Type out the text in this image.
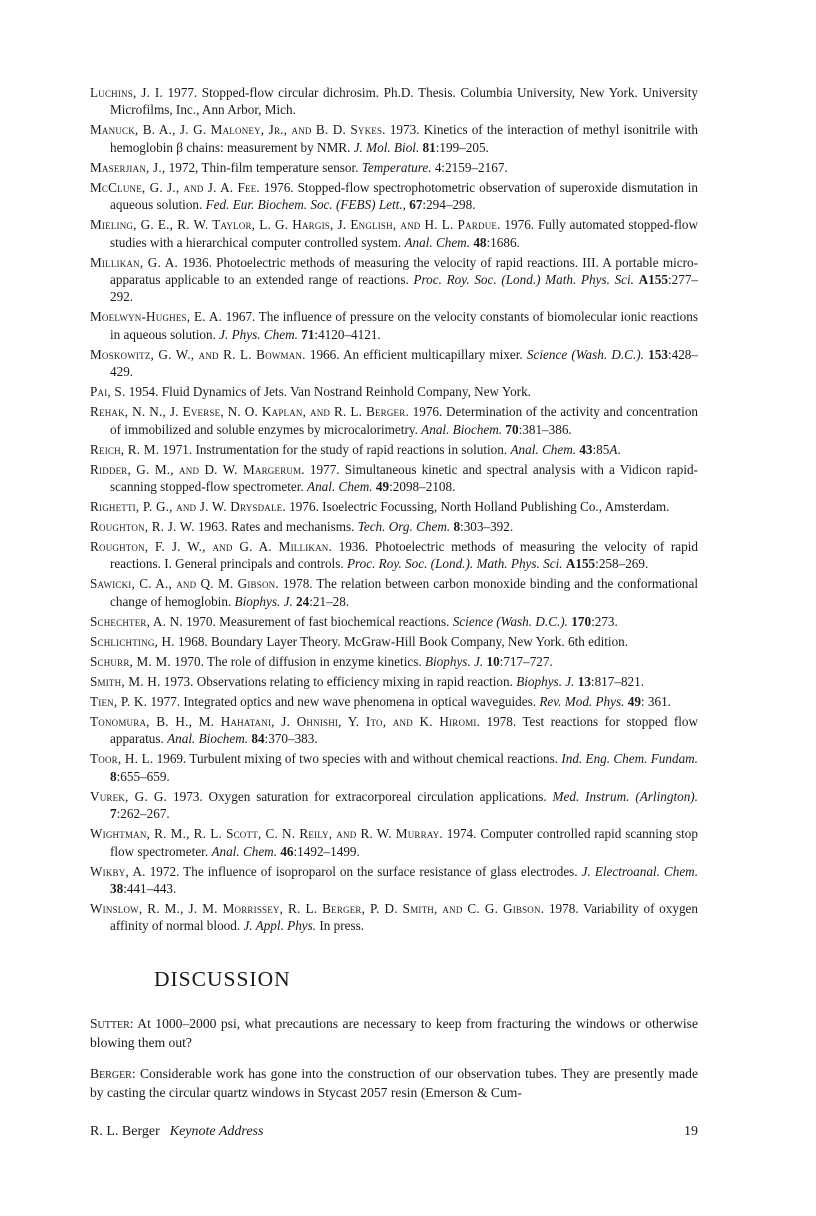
Luchins, J. I. 1977. Stopped-flow circular dichrosim. Ph.D. Thesis. Columbia University, New York. University Microfilms, Inc., Ann Arbor, Mich.

Manuck, B. A., J. G. Maloney, Jr., and B. D. Sykes. 1973. Kinetics of the interaction of methyl isonitrile with hemoglobin β chains: measurement by NMR. J. Mol. Biol. 81:199–205.

Maserjian, J., 1972, Thin-film temperature sensor. Temperature. 4:2159–2167.

McClune, G. J., and J. A. Fee. 1976. Stopped-flow spectrophotometric observation of superoxide dismutation in aqueous solution. Fed. Eur. Biochem. Soc. (FEBS) Lett., 67:294–298.

Mieling, G. E., R. W. Taylor, L. G. Hargis, J. English, and H. L. Pardue. 1976. Fully automated stopped-flow studies with a hierarchical computer controlled system. Anal. Chem. 48:1686.

Millikan, G. A. 1936. Photoelectric methods of measuring the velocity of rapid reactions. III. A portable micro-apparatus applicable to an extended range of reactions. Proc. Roy. Soc. (Lond.) Math. Phys. Sci. A155:277–292.

Moelwyn-Hughes, E. A. 1967. The influence of pressure on the velocity constants of biomolecular ionic reactions in aqueous solution. J. Phys. Chem. 71:4120–4121.

Moskowitz, G. W., and R. L. Bowman. 1966. An efficient multicapillary mixer. Science (Wash. D.C.). 153:428–429.

Pai, S. 1954. Fluid Dynamics of Jets. Van Nostrand Reinhold Company, New York.

Rehak, N. N., J. Everse, N. O. Kaplan, and R. L. Berger. 1976. Determination of the activity and concentration of immobilized and soluble enzymes by microcalorimetry. Anal. Biochem. 70:381–386.

Reich, R. M. 1971. Instrumentation for the study of rapid reactions in solution. Anal. Chem. 43:85A.

Ridder, G. M., and D. W. Margerum. 1977. Simultaneous kinetic and spectral analysis with a Vidicon rapid-scanning stopped-flow spectrometer. Anal. Chem. 49:2098–2108.

Righetti, P. G., and J. W. Drysdale. 1976. Isoelectric Focussing, North Holland Publishing Co., Amsterdam.

Roughton, R. J. W. 1963. Rates and mechanisms. Tech. Org. Chem. 8:303–392.

Roughton, F. J. W., and G. A. Millikan. 1936. Photoelectric methods of measuring the velocity of rapid reactions. I. General principals and controls. Proc. Roy. Soc. (Lond.). Math. Phys. Sci. A155:258–269.

Sawicki, C. A., and Q. M. Gibson. 1978. The relation between carbon monoxide binding and the conformational change of hemoglobin. Biophys. J. 24:21–28.

Schechter, A. N. 1970. Measurement of fast biochemical reactions. Science (Wash. D.C.). 170:273.

Schlichting, H. 1968. Boundary Layer Theory. McGraw-Hill Book Company, New York. 6th edition.

Schurr, M. M. 1970. The role of diffusion in enzyme kinetics. Biophys. J. 10:717–727.

Smith, M. H. 1973. Observations relating to efficiency mixing in rapid reaction. Biophys. J. 13:817–821.

Tien, P. K. 1977. Integrated optics and new wave phenomena in optical waveguides. Rev. Mod. Phys. 49: 361.

Tonomura, B. H., M. Hahatani, J. Ohnishi, Y. Ito, and K. Hiromi. 1978. Test reactions for stopped flow apparatus. Anal. Biochem. 84:370–383.

Toor, H. L. 1969. Turbulent mixing of two species with and without chemical reactions. Ind. Eng. Chem. Fundam. 8:655–659.

Vurek, G. G. 1973. Oxygen saturation for extracorporeal circulation applications. Med. Instrum. (Arlington). 7:262–267.

Wightman, R. M., R. L. Scott, C. N. Reily, and R. W. Murray. 1974. Computer controlled rapid scanning stop flow spectrometer. Anal. Chem. 46:1492–1499.

Wikby, A. 1972. The influence of isoproparol on the surface resistance of glass electrodes. J. Electroanal. Chem. 38:441–443.

Winslow, R. M., J. M. Morrissey, R. L. Berger, P. D. Smith, and C. G. Gibson. 1978. Variability of oxygen affinity of normal blood. J. Appl. Phys. In press.

DISCUSSION

Sutter: At 1000–2000 psi, what precautions are necessary to keep from fracturing the windows or otherwise blowing them out?

Berger: Considerable work has gone into the construction of our observation tubes. They are presently made by casting the circular quartz windows in Stycast 2057 resin (Emerson & Cum-

R. L. Berger Keynote Address	19
